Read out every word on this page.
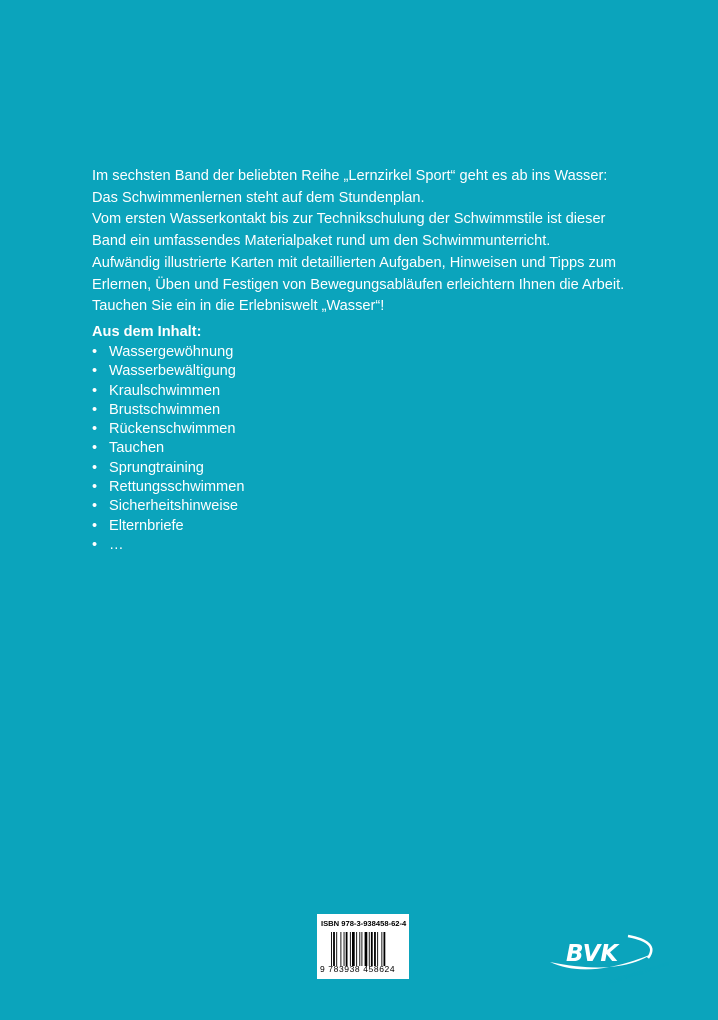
Im sechsten Band der beliebten Reihe „Lernzirkel Sport“ geht es ab ins Wasser:

Das Schwimmenlernen steht auf dem Stundenplan.

Vom ersten Wasserkontakt bis zur Technikschulung der Schwimmstile ist dieser

Band ein umfassendes Materialpaket rund um den Schwimmunterricht.

Aufwändig illustrierte Karten mit detaillierten Aufgaben, Hinweisen und Tipps zum

Erlernen, Üben und Festigen von Bewegungsabläufen erleichtern Ihnen die Arbeit.

Tauchen Sie ein in die Erlebniswelt „Wasser“!

Aus dem Inhalt:
• Wassergewöhnung
• Wasserbewältigung
• Kraulschwimmen
• Brustschwimmen
• Rückenschwimmen
• Tauchen
• Sprungtraining
• Rettungsschwimmen
• Sicherheitshinweise
• Elternbriefe
• …
ISBN 978-3-938458-62-4
9 783938 458624
BVK
Buch Verlag Kempen
